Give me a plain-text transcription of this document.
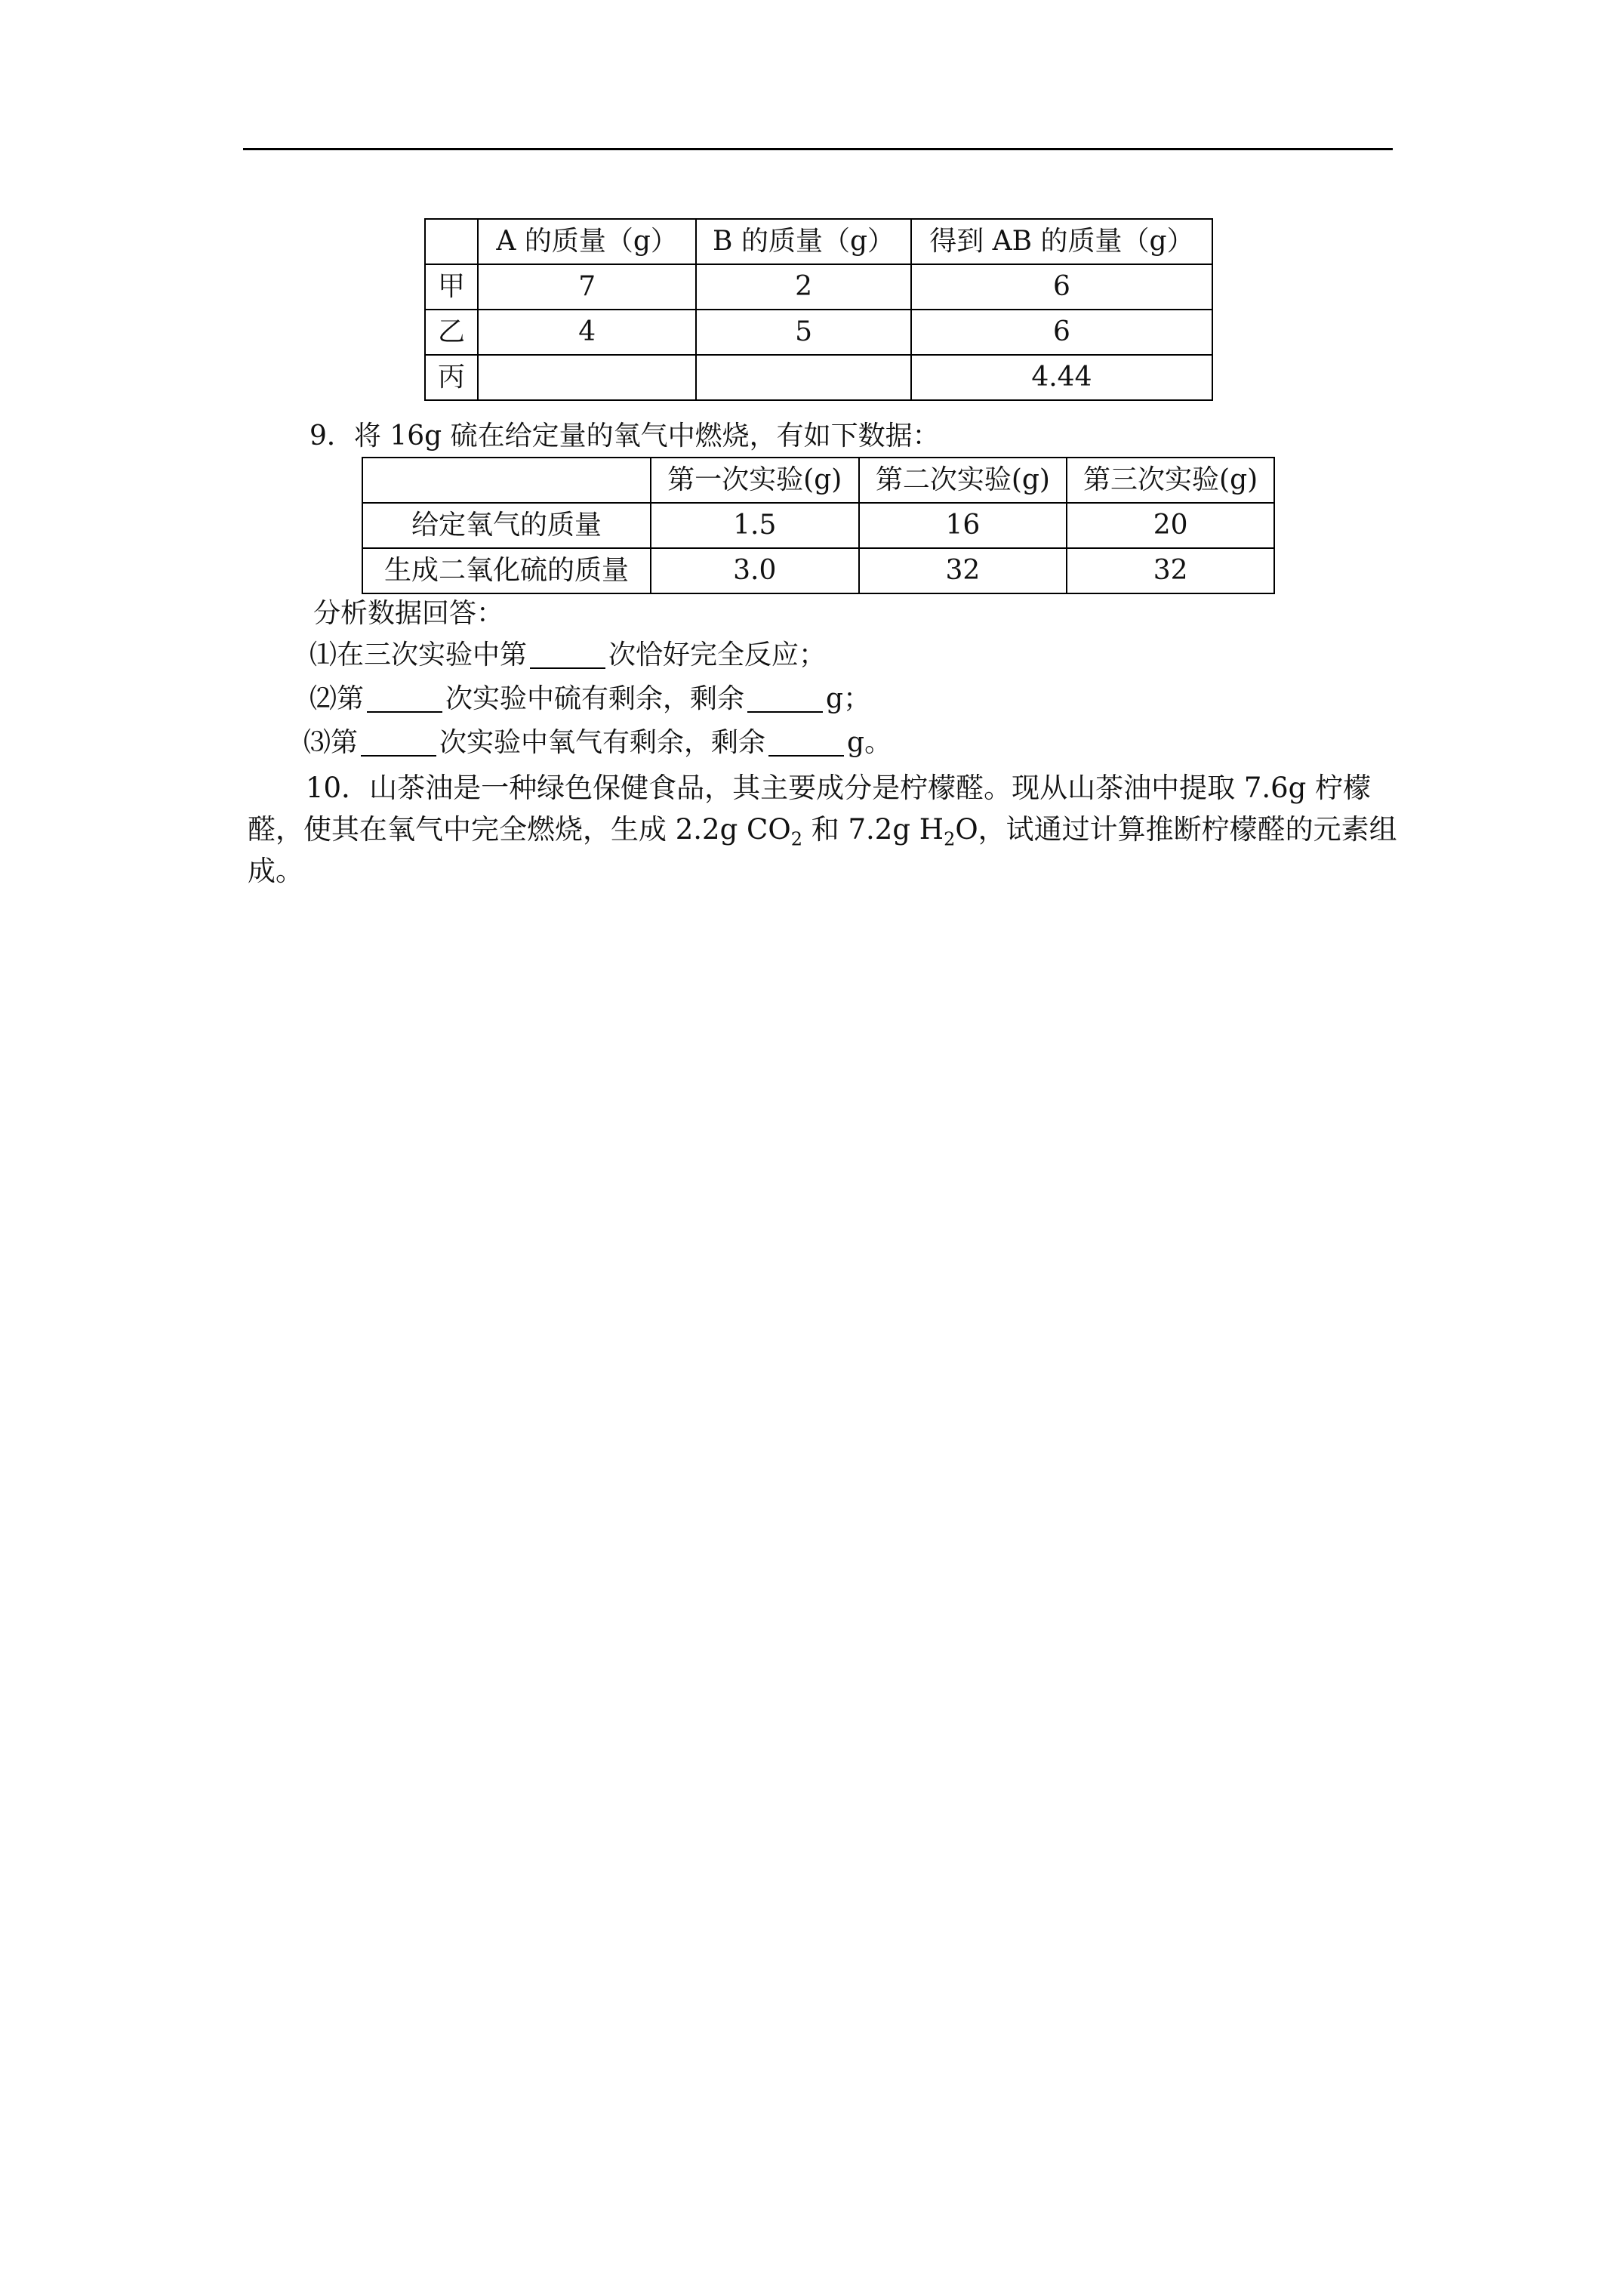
	A 的质量（g）	B 的质量（g）	得到 AB 的质量（g）
甲	7	2	6
乙	4	5	6
丙			4.44
9．将 16g 硫在给定量的氧气中燃烧，有如下数据：
	第一次实验(g)	第二次实验(g)	第三次实验(g)
给定氧气的质量	1.5	16	20
生成二氧化硫的质量	3.0	32	32
分析数据回答：
⑴在三次实验中第	次恰好完全反应；
⑵第	次实验中硫有剩余，剩余	g；
⑶第	次实验中氧气有剩余，剩余	g。
10．山茶油是一种绿色保健食品，其主要成分是柠檬醛。现从山茶油中提取 7.6g 柠檬
醛，使其在氧气中完全燃烧，生成 2.2g $CO_2$ 和 7.2g $H_2O$，试通过计算推断柠檬醛的元素组
成。
